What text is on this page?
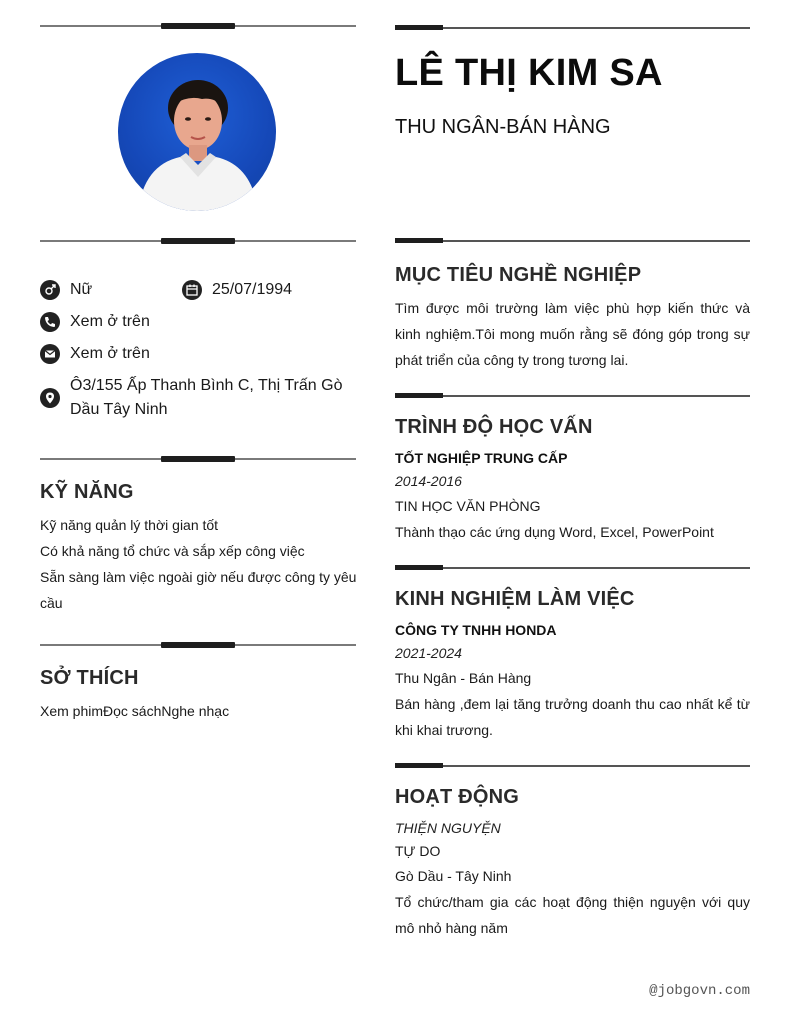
Nữ	25/07/1994
Xem ở trên
Xem ở trên
Ô3/155 Ấp Thanh Bình C, Thị Trấn Gò Dầu Tây Ninh
KỸ NĂNG
Kỹ năng quản lý thời gian tốt
Có khả năng tổ chức và sắp xếp công việc
Sẵn sàng làm việc ngoài giờ nếu được công ty yêu cầu
SỞ THÍCH
Xem phimĐọc sáchNghe nhạc
LÊ THỊ KIM SA
THU NGÂN-BÁN HÀNG
MỤC TIÊU NGHỀ NGHIỆP
Tìm được môi trường làm việc phù hợp kiến thức và kinh nghiệm.Tôi mong muốn rằng sẽ đóng góp trong sự phát triển của công ty trong tương lai.
TRÌNH ĐỘ HỌC VẤN
TỐT NGHIỆP TRUNG CẤP
2014-2016
TIN HỌC VĂN PHÒNG
Thành thạo các ứng dụng Word, Excel, PowerPoint
KINH NGHIỆM LÀM VIỆC
CÔNG TY TNHH HONDA
2021-2024
Thu Ngân - Bán Hàng
Bán hàng ,đem lại tăng trưởng doanh thu cao nhất kể từ khi khai trương.
HOẠT ĐỘNG
THIỆN NGUYỆN
TỰ DO
Gò Dầu - Tây Ninh
Tổ chức/tham gia các hoạt động thiện nguyện với quy mô nhỏ hàng năm
@jobgovn.com
